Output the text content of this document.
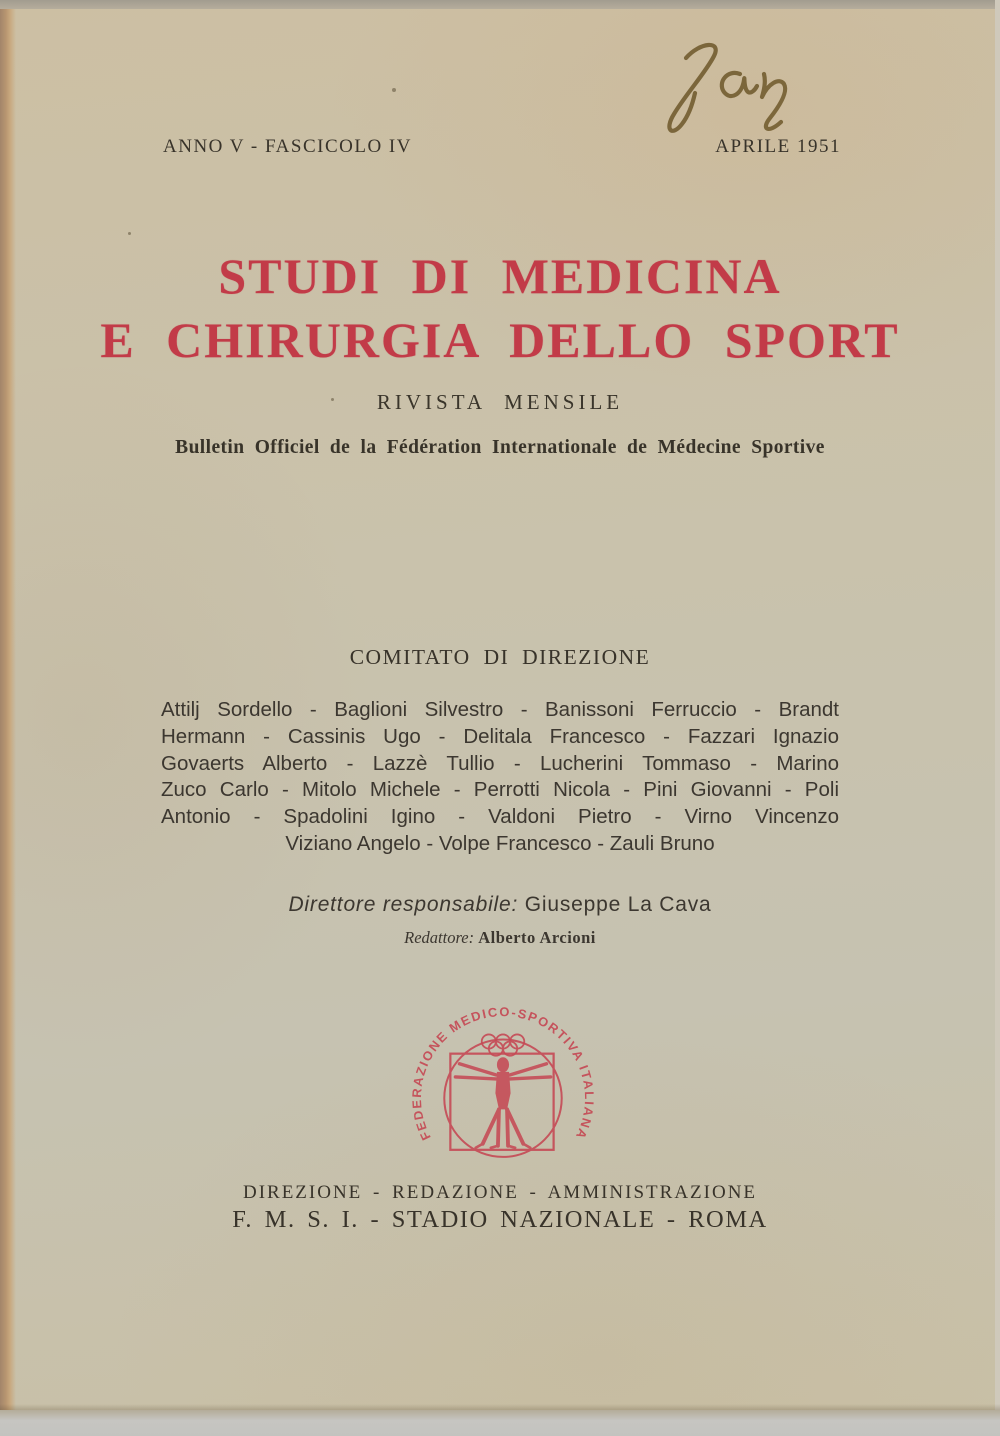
ANNO V - FASCICOLO IV	APRILE 1951
STUDI DI MEDICINA
E CHIRURGIA DELLO SPORT
RIVISTA MENSILE
Bulletin Officiel de la Fédération Internationale de Médecine Sportive
COMITATO DI DIREZIONE
Attilj Sordello - Baglioni Silvestro - Banissoni Ferruccio - Brandt
Hermann - Cassinis Ugo - Delitala Francesco - Fazzari Ignazio
Govaerts Alberto - Lazzè Tullio - Lucherini Tommaso - Marino
Zuco Carlo - Mitolo Michele - Perrotti Nicola - Pini Giovanni - Poli
Antonio - Spadolini Igino - Valdoni Pietro - Virno Vincenzo
Viziano Angelo - Volpe Francesco - Zauli Bruno
Direttore responsabile: Giuseppe La Cava
Redattore: Alberto Arcioni
FEDERAZIONE MEDICO-SPORTIVA ITALIANA
DIREZIONE - REDAZIONE - AMMINISTRAZIONE
F. M. S. I. - STADIO NAZIONALE - ROMA
